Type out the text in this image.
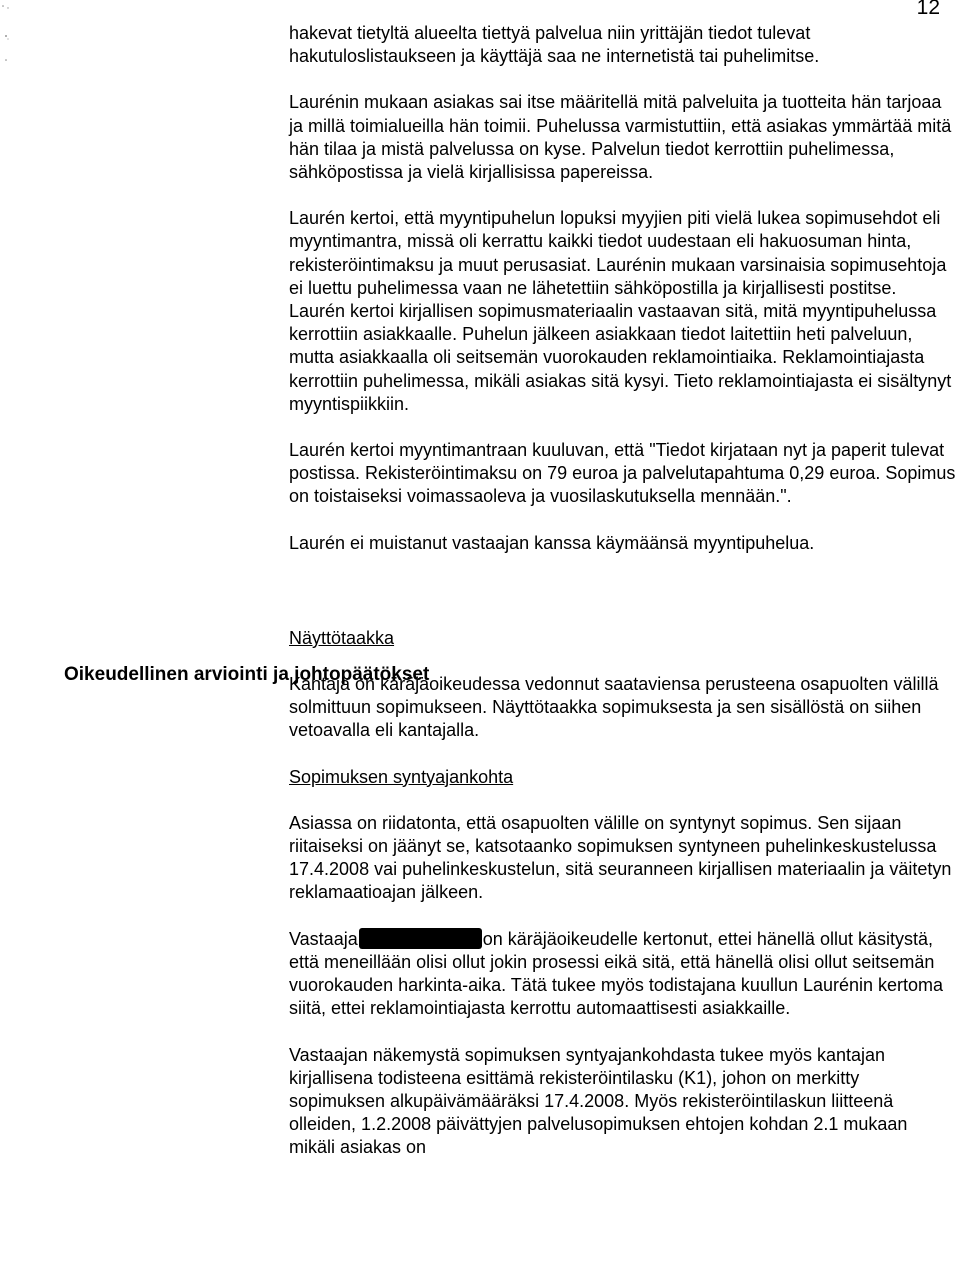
12

hakevat tietyltä alueelta tiettyä palvelua niin yrittäjän tiedot tulevat hakutuloslistaukseen ja käyttäjä saa ne internetistä tai puhelimitse.

Laurénin mukaan asiakas sai itse määritellä mitä palveluita ja tuotteita hän tarjoaa ja millä toimialueilla hän toimii. Puhelussa varmistuttiin, että asiakas ymmärtää mitä hän tilaa ja mistä palvelussa on kyse. Palvelun tiedot kerrottiin puhelimessa, sähköpostissa ja vielä kirjallisissa papereissa.

Laurén kertoi, että myyntipuhelun lopuksi myyjien piti vielä lukea sopimusehdot eli myyntimantra, missä oli kerrattu kaikki tiedot uudestaan eli hakuosuman hinta, rekisteröintimaksu ja muut perusasiat. Laurénin mukaan varsinaisia sopimusehtoja ei luettu puhelimessa vaan ne lähetettiin sähköpostilla ja kirjallisesti postitse. Laurén kertoi kirjallisen sopimusmateriaalin vastaavan sitä, mitä myyntipuhelussa kerrottiin asiakkaalle. Puhelun jälkeen asiakkaan tiedot laitettiin heti palveluun, mutta asiakkaalla oli seitsemän vuorokauden reklamointiaika. Reklamointiajasta kerrottiin puhelimessa, mikäli asiakas sitä kysyi. Tieto reklamointiajasta ei sisältynyt myyntispiikkiin.

Laurén kertoi myyntimantraan kuuluvan, että "Tiedot kirjataan nyt ja paperit tulevat postissa. Rekisteröintimaksu on 79 euroa ja palvelutapahtuma 0,29 euroa. Sopimus on toistaiseksi voimassaoleva ja vuosilaskutuksella mennään.".

Laurén ei muistanut vastaajan kanssa käymäänsä myyntipuhelua.

Näyttötaakka

Kantaja on käräjäoikeudessa vedonnut saataviensa perusteena osapuolten välillä solmittuun sopimukseen. Näyttötaakka sopimuksesta ja sen sisällöstä on siihen vetoavalla eli kantajalla.

Sopimuksen syntyajankohta

Asiassa on riidatonta, että osapuolten välille on syntynyt sopimus. Sen sijaan riitaiseksi on jäänyt se, katsotaanko sopimuksen syntyneen puhelinkeskustelussa 17.4.2008 vai puhelinkeskustelun, sitä seuranneen kirjallisen materiaalin ja väitetyn reklamaatioajan jälkeen.

Vastaaja	on käräjäoikeudelle kertonut, ettei hänellä ollut käsitystä, että meneillään olisi ollut jokin prosessi eikä sitä, että hänellä olisi ollut seitsemän vuorokauden harkinta-aika. Tätä tukee myös todistajana kuullun Laurénin kertoma siitä, ettei reklamointiajasta kerrottu automaattisesti asiakkaille.

Vastaajan näkemystä sopimuksen syntyajankohdasta tukee myös kantajan kirjallisena todisteena esittämä rekisteröintilasku (K1), johon on merkitty sopimuksen alkupäivämääräksi 17.4.2008. Myös rekisteröintilaskun liitteenä olleiden, 1.2.2008 päivättyjen palvelusopimuksen ehtojen kohdan 2.1 mukaan mikäli asiakas on

Oikeudellinen arviointi ja johtopäätökset
